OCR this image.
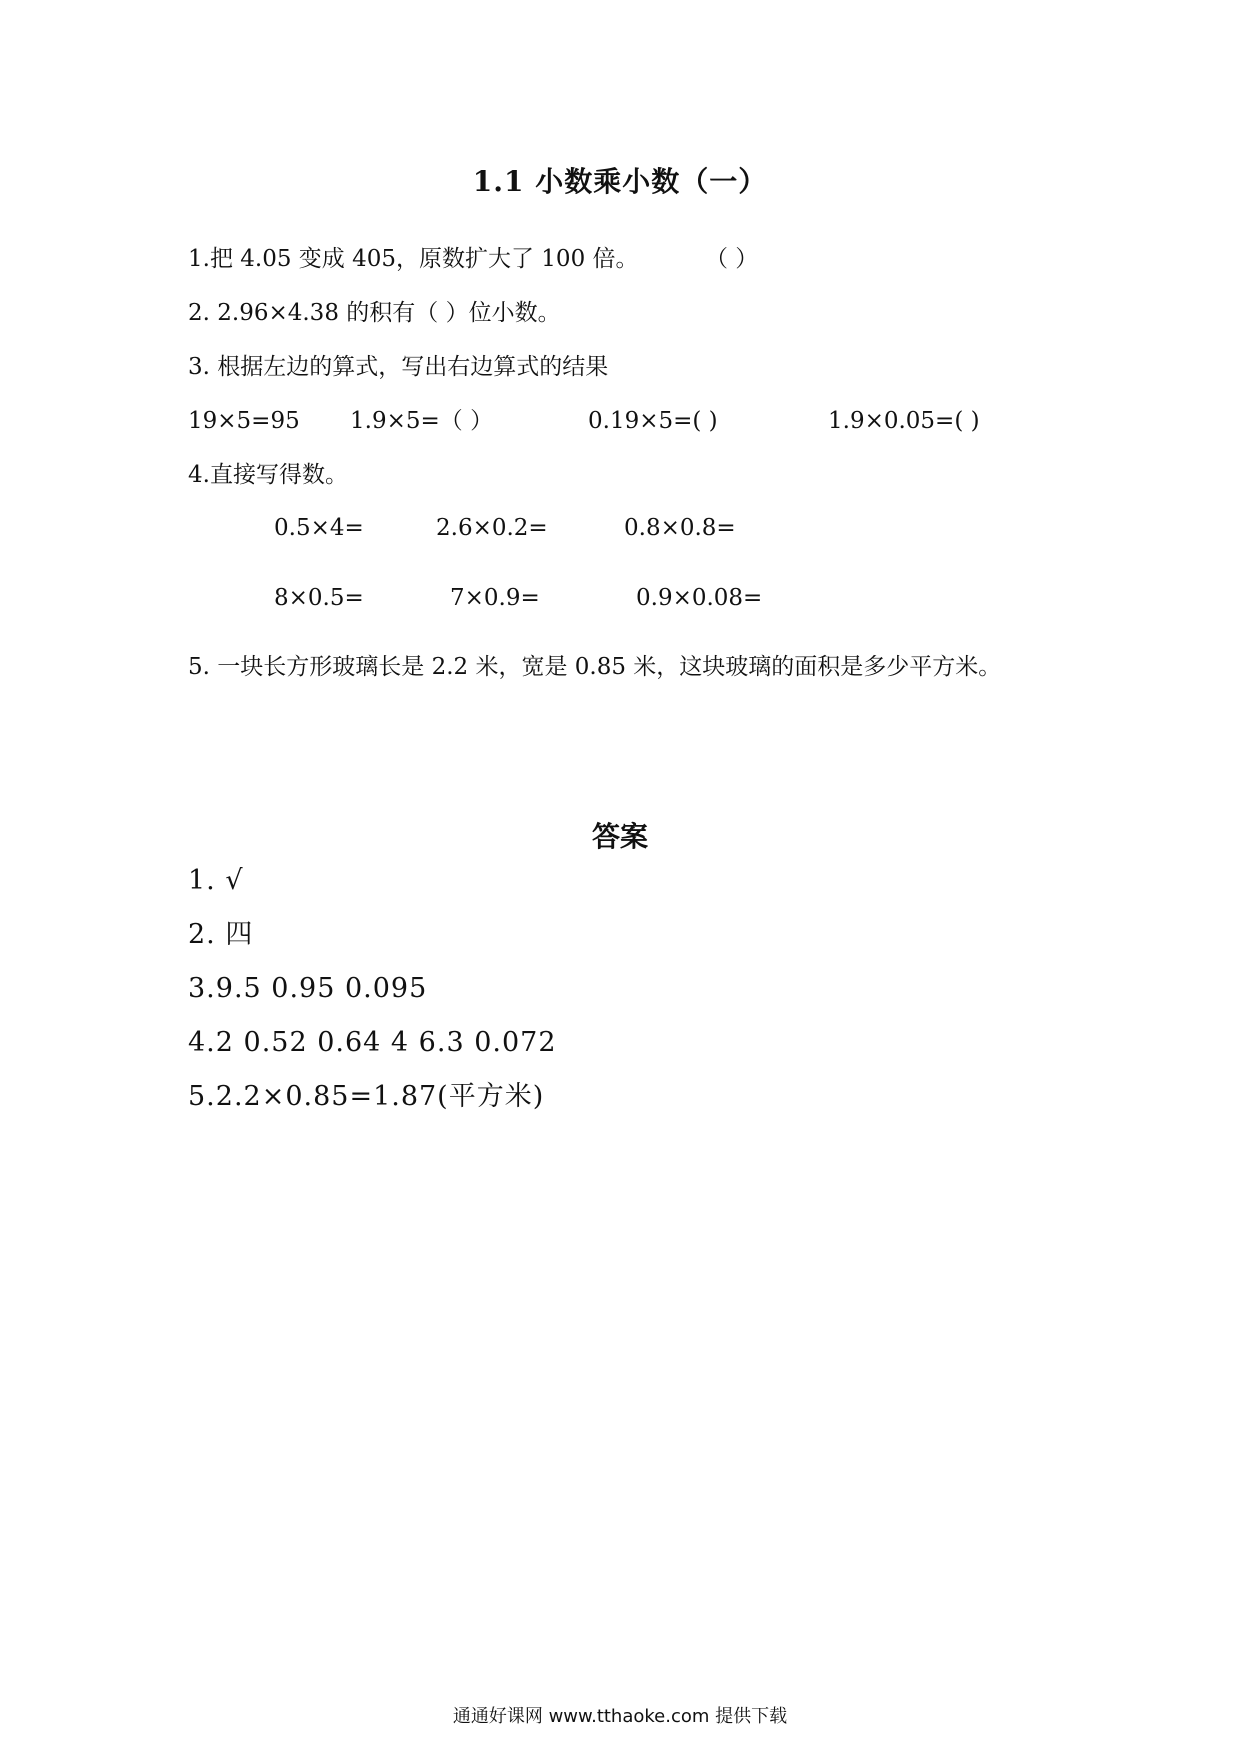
1.1 小数乘小数（一）
1.把 4.05 变成 405，原数扩大了 100 倍。	（ ）
2. 2.96×4.38 的积有（ ）位小数。
3. 根据左边的算式，写出右边算式的结果
19×5=95 1.9×5=（ ）	0.19×5=( )	1.9×0.05=( )
4.直接写得数。
0.5×4=	2.6×0.2=	0.8×0.8=
8×0.5=	7×0.9=	0.9×0.08=
5. 一块长方形玻璃长是 2.2 米，宽是 0.85 米，这块玻璃的面积是多少平方米。
答案
1. √
2. 四
3.9.5 0.95 0.095
4.2 0.52 0.64 4 6.3 0.072
5.2.2×0.85=1.87(平方米)
通通好课网 www.tthaoke.com 提供下载
